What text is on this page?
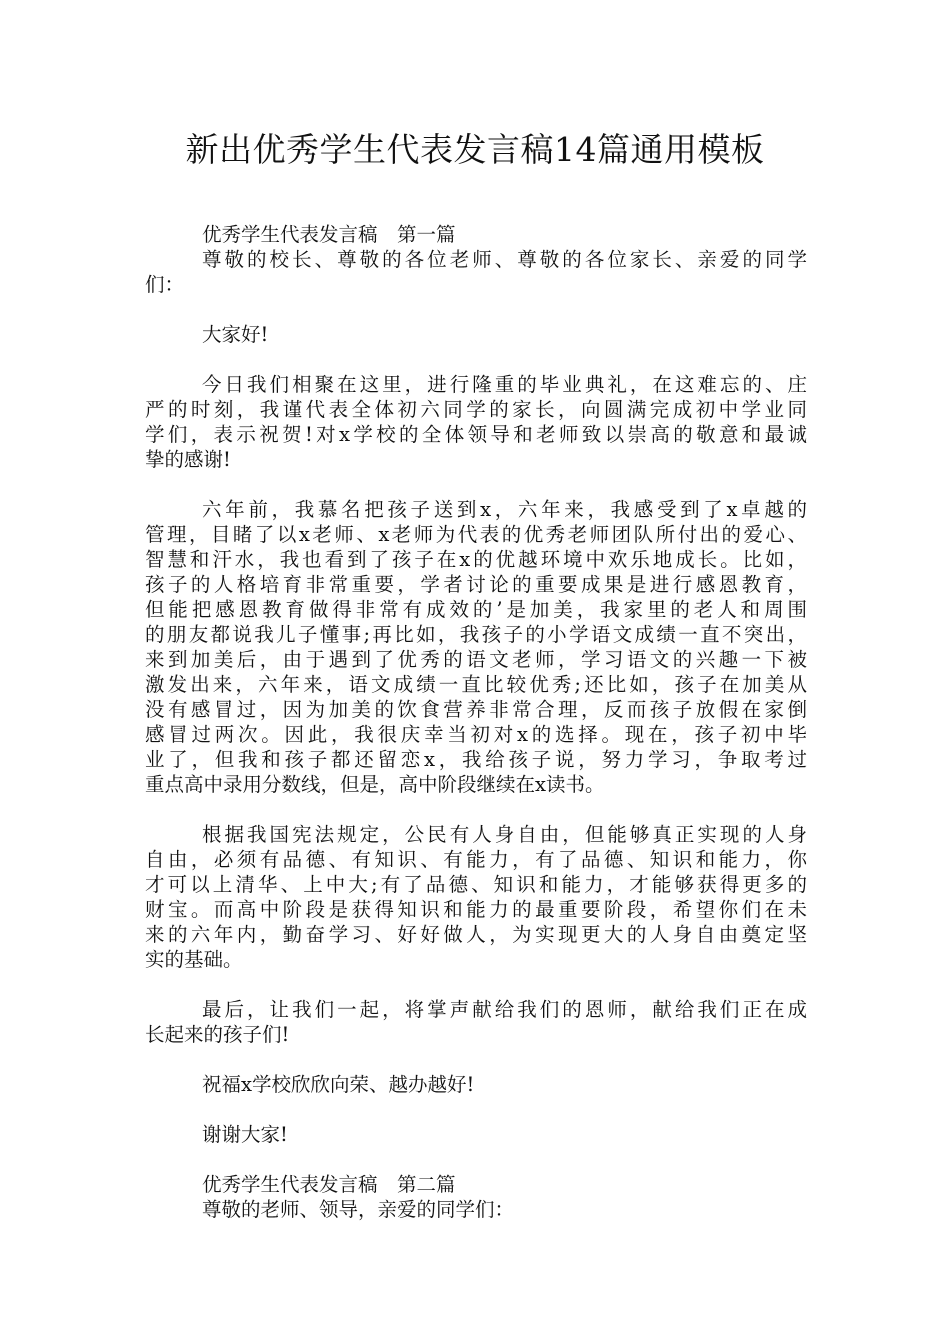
新出优秀学生代表发言稿14篇通用模板
优秀学生代表发言稿　第一篇
尊敬的校长、尊敬的各位老师、尊敬的各位家长、亲爱的同学
们：
大家好!
今日我们相聚在这里，进行隆重的毕业典礼，在这难忘的、庄
严的时刻，我谨代表全体初六同学的家长，向圆满完成初中学业同
学们，表示祝贺!对x学校的全体领导和老师致以崇高的敬意和最诚
挚的感谢!
六年前，我慕名把孩子送到x，六年来，我感受到了x卓越的
管理，目睹了以x老师、x老师为代表的优秀老师团队所付出的爱心、
智慧和汗水，我也看到了孩子在x的优越环境中欢乐地成长。比如，
孩子的人格培育非常重要，学者讨论的重要成果是进行感恩教育，
但能把感恩教育做得非常有成效的’是加美，我家里的老人和周围
的朋友都说我儿子懂事;再比如，我孩子的小学语文成绩一直不突出，
来到加美后，由于遇到了优秀的语文老师，学习语文的兴趣一下被
激发出来，六年来，语文成绩一直比较优秀;还比如，孩子在加美从
没有感冒过，因为加美的饮食营养非常合理，反而孩子放假在家倒
感冒过两次。因此，我很庆幸当初对x的选择。现在，孩子初中毕
业了，但我和孩子都还留恋x，我给孩子说，努力学习，争取考过
重点高中录用分数线，但是，高中阶段继续在x读书。
根据我国宪法规定，公民有人身自由，但能够真正实现的人身
自由，必须有品德、有知识、有能力，有了品德、知识和能力，你
才可以上清华、上中大;有了品德、知识和能力，才能够获得更多的
财宝。而高中阶段是获得知识和能力的最重要阶段，希望你们在未
来的六年内，勤奋学习、好好做人，为实现更大的人身自由奠定坚
实的基础。
最后，让我们一起，将掌声献给我们的恩师，献给我们正在成
长起来的孩子们!
祝福x学校欣欣向荣、越办越好!
谢谢大家!
优秀学生代表发言稿　第二篇
尊敬的老师、领导，亲爱的同学们：
